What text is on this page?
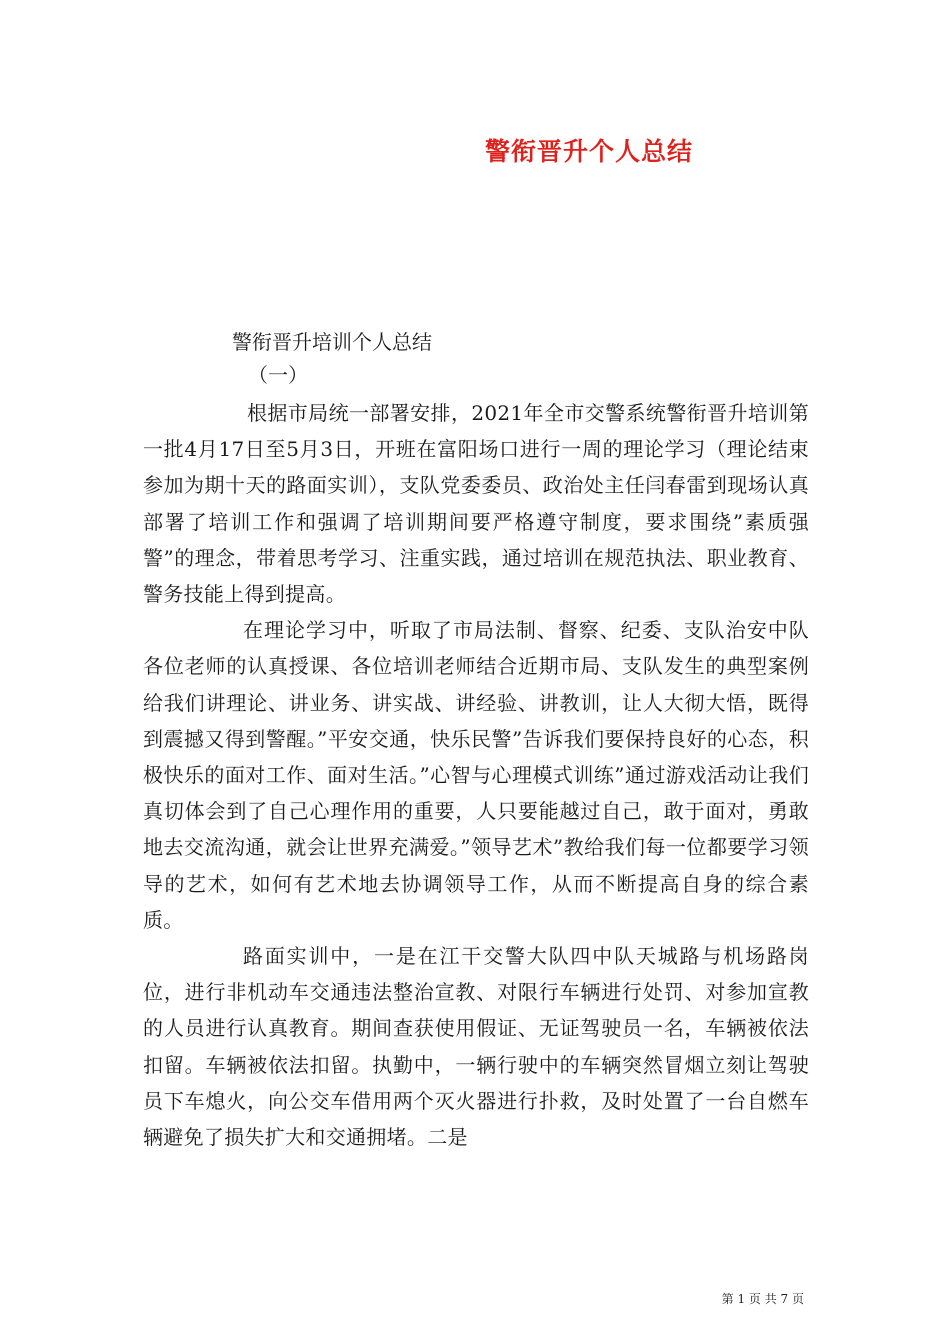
警衔晋升个人总结
警衔晋升培训个人总结
（一）

根据市局统一部署安排，2021年全市交警系统警衔晋升培训第一批4月17日至5月3日，开班在富阳场口进行一周的理论学习（理论结束参加为期十天的路面实训），支队党委委员、政治处主任闫春雷到现场认真部署了培训工作和强调了培训期间要严格遵守制度，要求围绕”素质强警”的理念，带着思考学习、注重实践，通过培训在规范执法、职业教育、警务技能上得到提高。

在理论学习中，听取了市局法制、督察、纪委、支队治安中队各位老师的认真授课、各位培训老师结合近期市局、支队发生的典型案例给我们讲理论、讲业务、讲实战、讲经验、讲教训，让人大彻大悟，既得到震撼又得到警醒。”平安交通，快乐民警”告诉我们要保持良好的心态，积极快乐的面对工作、面对生活。”心智与心理模式训练”通过游戏活动让我们真切体会到了自己心理作用的重要，人只要能越过自己，敢于面对，勇敢地去交流沟通，就会让世界充满爱。”领导艺术”教给我们每一位都要学习领导的艺术，如何有艺术地去协调领导工作，从而不断提高自身的综合素质。

路面实训中，一是在江干交警大队四中队天城路与机场路岗位，进行非机动车交通违法整治宣教、对限行车辆进行处罚、对参加宣教的人员进行认真教育。期间查获使用假证、无证驾驶员一名，车辆被依法扣留。车辆被依法扣留。执勤中，一辆行驶中的车辆突然冒烟立刻让驾驶员下车熄火，向公交车借用两个灭火器进行扑救，及时处置了一台自燃车辆避免了损失扩大和交通拥堵。二是

第 1 页 共 7 页
